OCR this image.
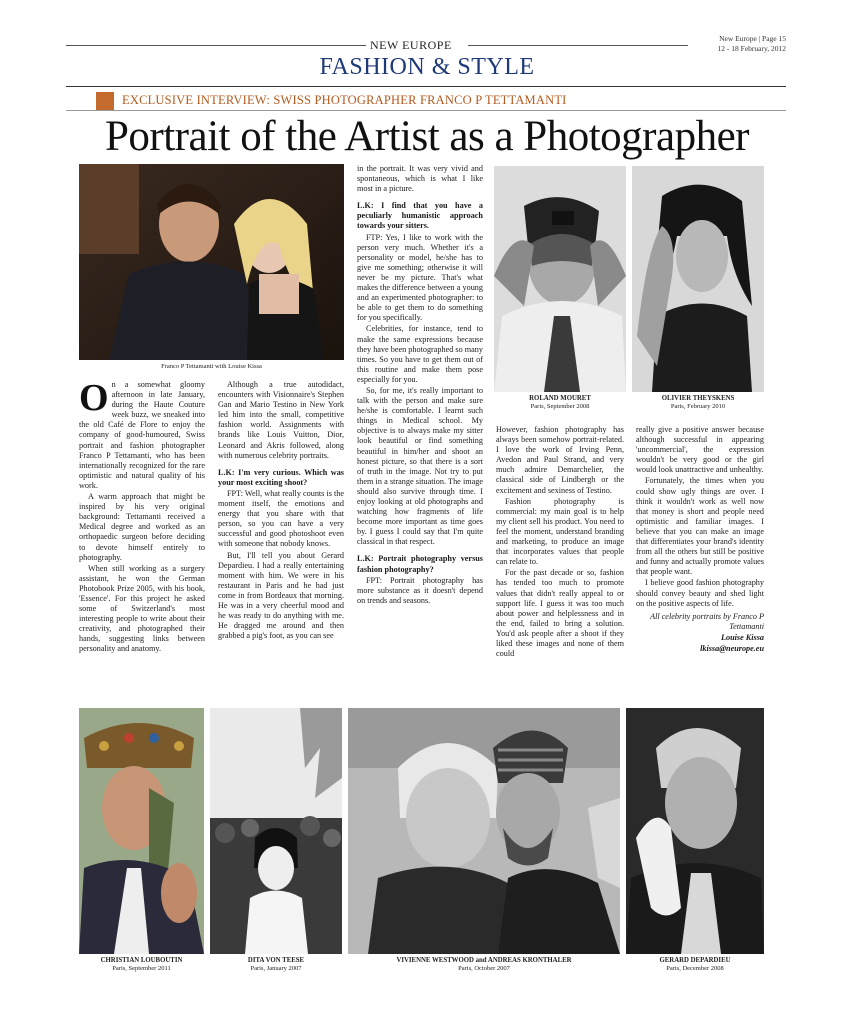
NEW EUROPE	New Europe | Page 15
12 - 18 February, 2012
FASHION & STYLE
EXCLUSIVE INTERVIEW: SWISS PHOTOGRAPHER FRANCO P TETTAMANTI
Portrait of the Artist as a Photographer
Franco P Tettamanti with Louise Kissa
ROLAND MOURET
Paris, September 2008
OLIVIER THEYSKENS
Paris, February 2010

On a somewhat gloomy afternoon in late January, during the Haute Couture week buzz, we sneaked into the old Café de Flore to enjoy the company of good-humoured, Swiss portrait and fashion photographer Franco P Tettamanti, who has been internationally recognized for the rare optimistic and natural quality of his work.

A warm approach that might be inspired by his very original background: Tettamanti received a Medical degree and worked as an orthopaedic surgeon before deciding to devote himself entirely to photography.

When still working as a surgery assistant, he won the German Photobook Prize 2005, with his book, 'Essence'. For this project he asked some of Switzerland's most interesting people to write about their creativity, and photographed their hands, suggesting links between personality and anatomy.

Although a true autodidact, encounters with Visionnaire's Stephen Gan and Mario Testino in New York led him into the small, competitive fashion world. Assignments with brands like Louis Vuitton, Dior, Leonard and Akris followed, along with numerous celebrity portraits.

L.K: I'm very curious. Which was your most exciting shoot?

FPT: Well, what really counts is the moment itself, the emotions and energy that you share with that person, so you can have a very successful and good photoshoot even with someone that nobody knows.

But, I'll tell you about Gerard Depardieu. I had a really entertaining moment with him. We were in his restaurant in Paris and he had just come in from Bordeaux that morning. He was in a very cheerful mood and he was ready to do anything with me. He dragged me around and then grabbed a pig's foot, as you can see

in the portrait. It was very vivid and spontaneous, which is what I like most in a picture.

L.K: I find that you have a peculiarly humanistic approach towards your sitters.

FTP: Yes, I like to work with the person very much. Whether it's a personality or model, he/she has to give me something; otherwise it will never be my picture. That's what makes the difference between a young and an experimented photographer: to be able to get them to do something for you specifically.

Celebrities, for instance, tend to make the same expressions because they have been photographed so many times. So you have to get them out of this routine and make them pose especially for you.

So, for me, it's really important to talk with the person and make sure he/she is comfortable. I learnt such things in Medical school. My objective is to always make my sitter look beautiful or find something beautiful in him/her and shoot an honest picture, so that there is a sort of truth in the image. Not try to put them in a strange situation. The image should also survive through time. I enjoy looking at old photographs and watching how fragments of life become more important as time goes by. I guess I could say that I'm quite classical in that respect.

L.K: Portrait photography versus fashion photography?

FPT: Portrait photography has more substance as it doesn't depend on trends and seasons.

However, fashion photography has always been somehow portrait-related. I love the work of Irving Penn, Avedon and Paul Strand, and very much admire Demarchelier, the classical side of Lindbergh or the excitement and sexiness of Testino.

Fashion photography is commercial: my main goal is to help my client sell his product. You need to feel the moment, understand branding and marketing, to produce an image that incorporates values that people can relate to.

For the past decade or so, fashion has tended too much to promote values that didn't really appeal to or support life. I guess it was too much about power and helplessness and in the end, failed to bring a solution. You'd ask people after a shoot if they liked these images and none of them could

really give a positive answer because although successful in appearing 'uncommercial', the expression wouldn't be very good or the girl would look unattractive and unhealthy.

Fortunately, the times when you could show ugly things are over. I think it wouldn't work as well now that money is short and people need optimistic and familiar images. I believe that you can make an image that differentiates your brand's identity from all the others but still be positive and funny and actually promote values that people want.

I believe good fashion photography should convey beauty and shed light on the positive aspects of life.

All celebrity portraits by Franco P Tettamanti

Louise Kissa

lkissa@neurope.eu

CHRISTIAN LOUBOUTIN
Paris, September 2011
DITA VON TEESE
Paris, January 2007
VIVIENNE WESTWOOD and ANDREAS KRONTHALER
Paris, October 2007
GERARD DEPARDIEU
Paris, December 2008
